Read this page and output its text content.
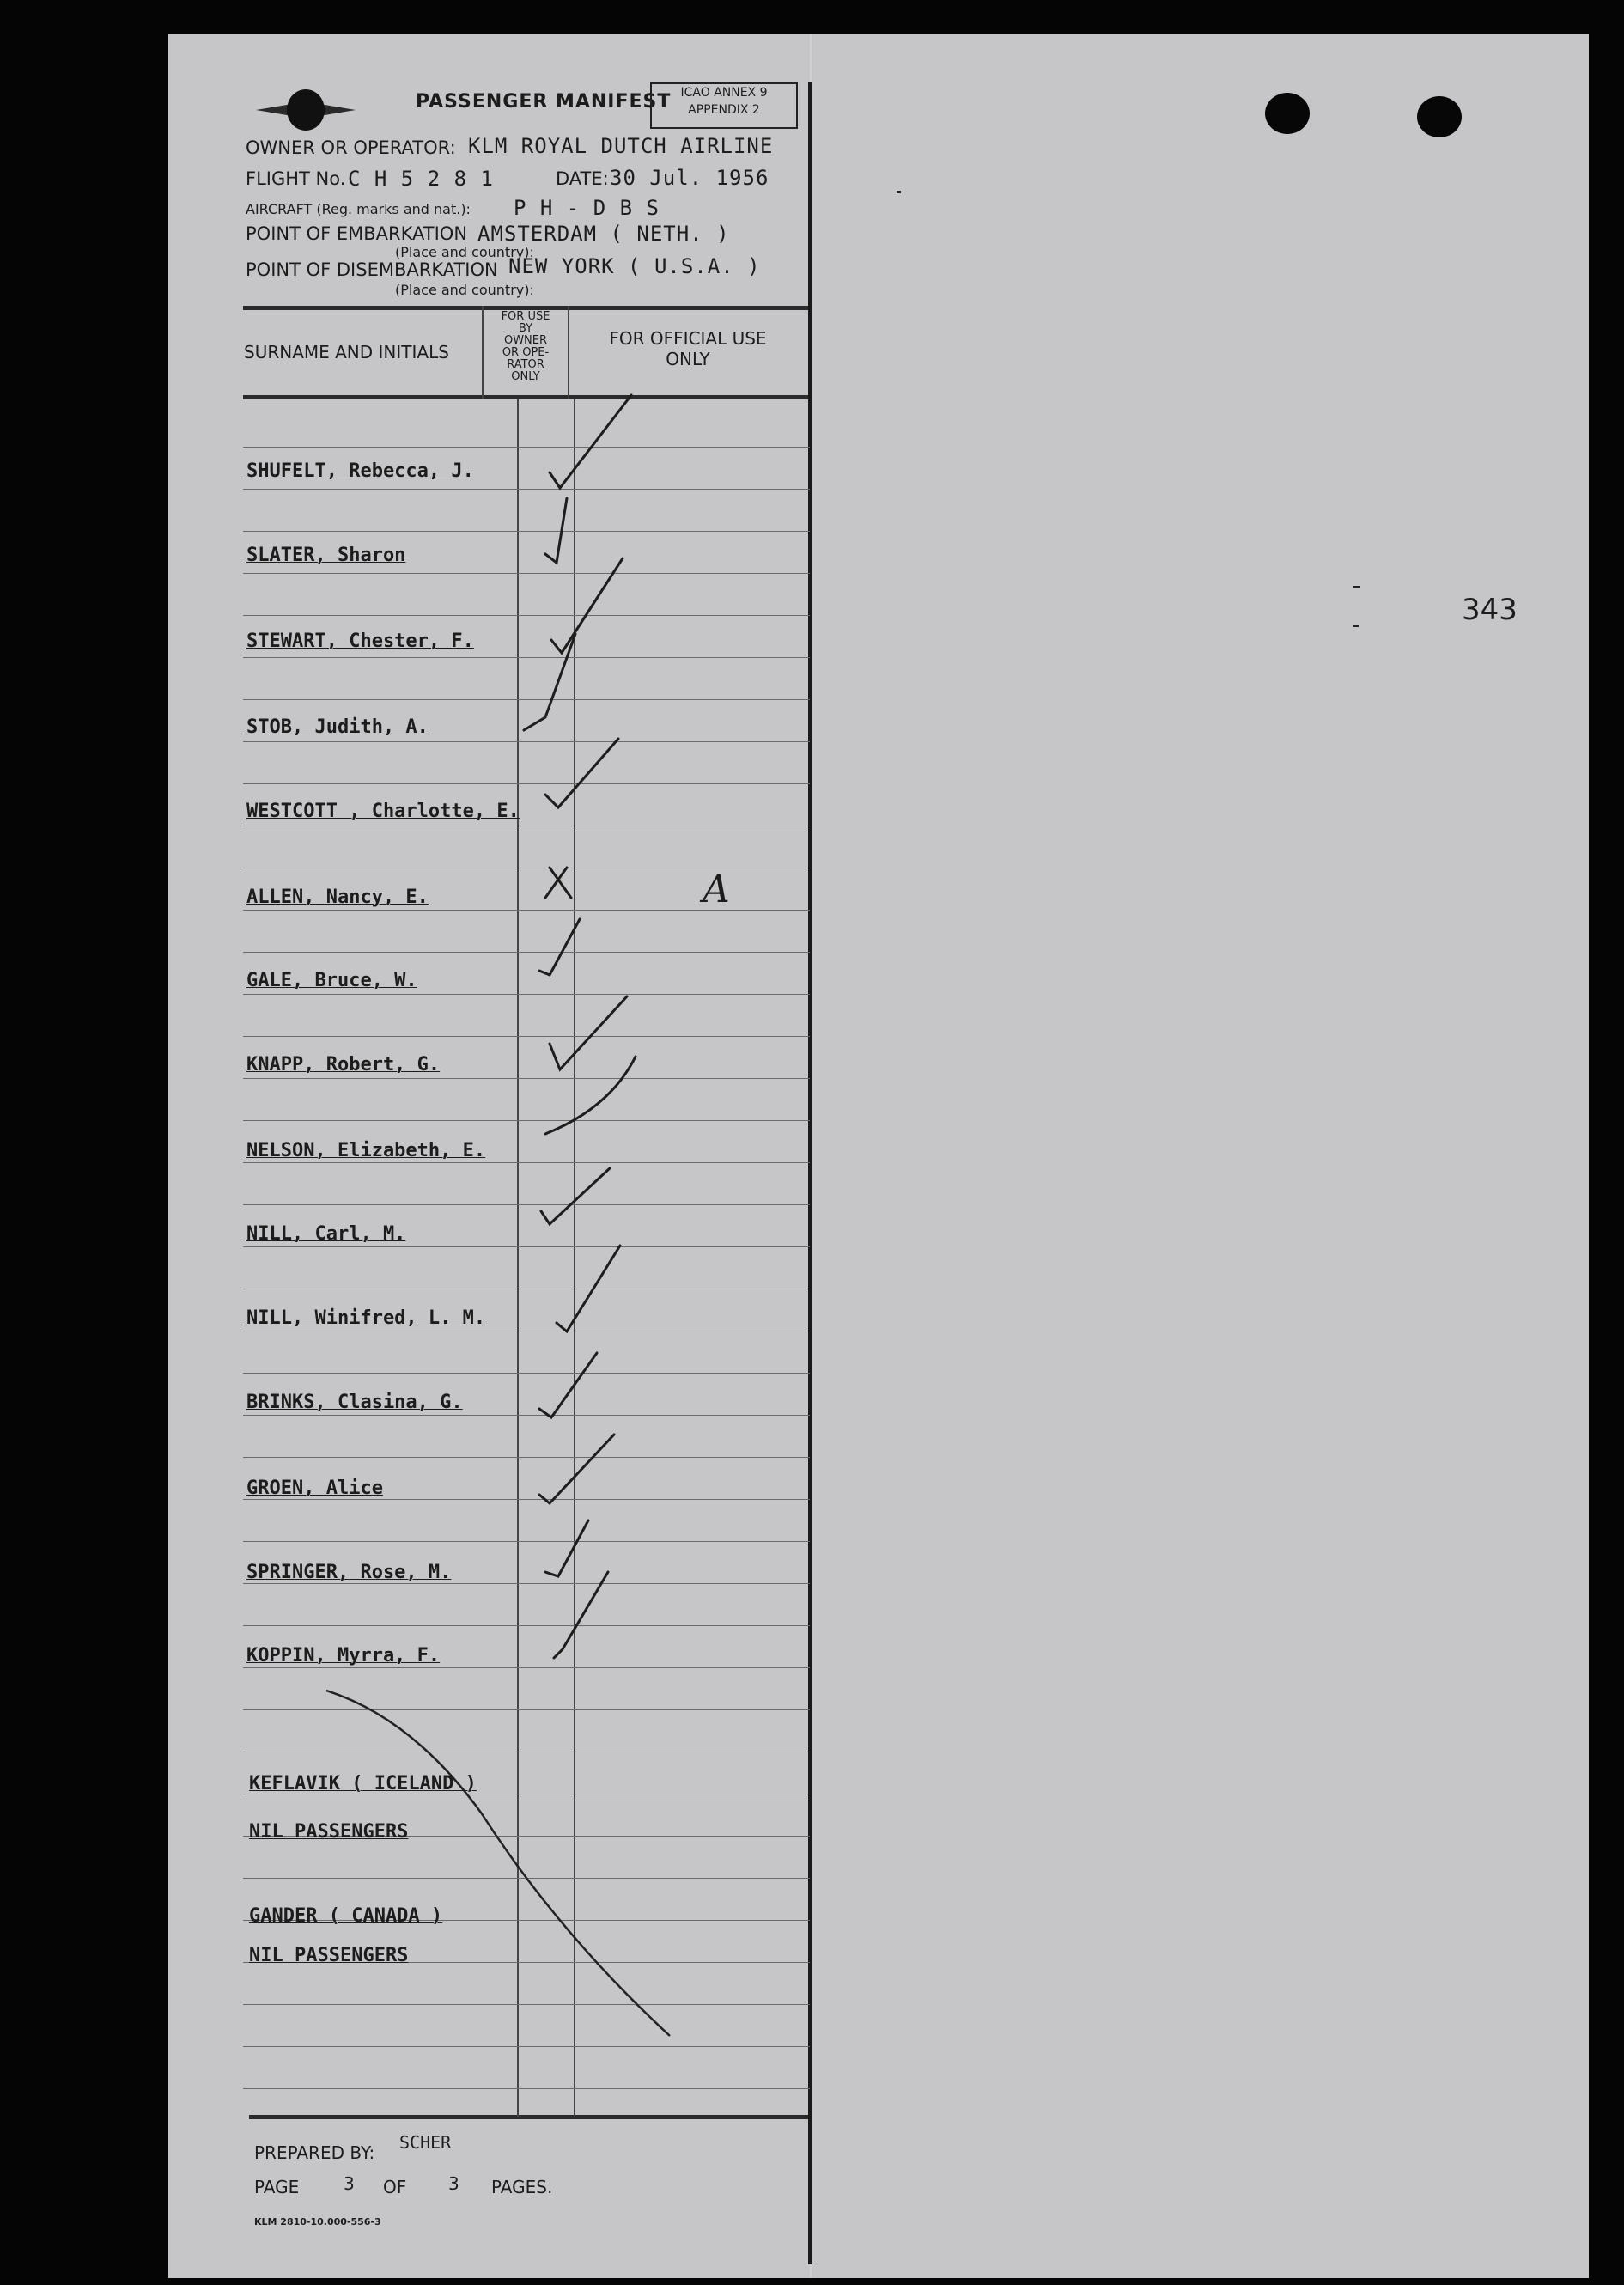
PASSENGER MANIFEST ICAO ANNEX 9
APPENDIX 2
OWNER OR OPERATOR: KLM ROYAL DUTCH AIRLINE
FLIGHT No. C H 5 2 8 1	DATE: 30 Jul. 1956
AIRCRAFT (Reg. marks and nat.): P H - D B S
POINT OF EMBARKATION AMSTERDAM ( NETH. )
(Place and country):
POINT OF DISEMBARKATION NEW YORK ( U.S.A. )
(Place and country):
SURNAME AND INITIALS
FOR USE
BY
OWNER
OR OPE-
RATOR
ONLY
FOR OFFICIAL USE
ONLY
SHUFELT, Rebecca, J.
SLATER, Sharon
STEWART, Chester, F.
STOB, Judith, A.
WESTCOTT , Charlotte, E.
ALLEN, Nancy, E.
GALE, Bruce, W.
KNAPP, Robert, G.
NELSON, Elizabeth, E.
NILL, Carl, M.
NILL, Winifred, L. M.
BRINKS, Clasina, G.
GROEN, Alice
SPRINGER, Rose, M.
KOPPIN, Myrra, F.
KEFLAVIK ( ICELAND )
NIL PASSENGERS
GANDER ( CANADA )
NIL PASSENGERS
A
343
PREPARED BY: SCHER
PAGE	3 OF 3 PAGES.
KLM 2810-10.000-556-3
